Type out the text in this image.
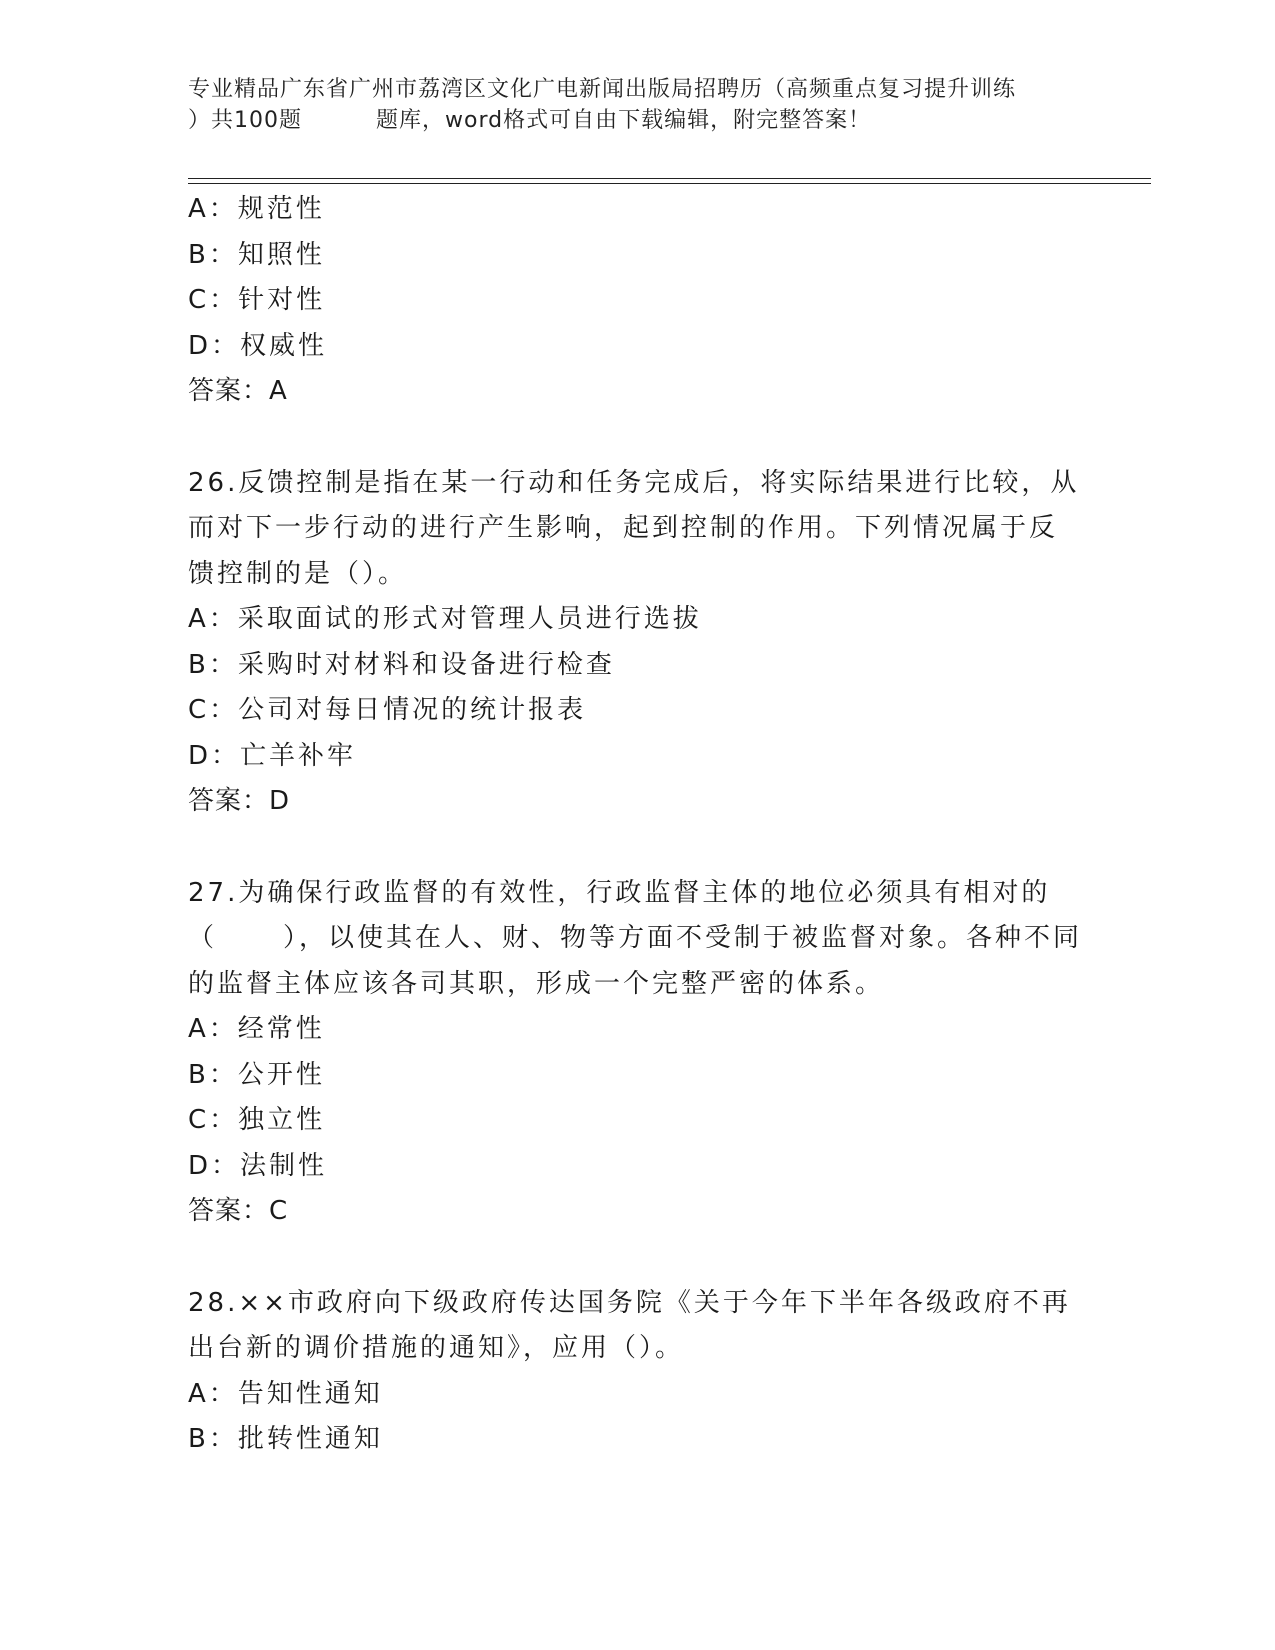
专业精品广东省广州市荔湾区文化广电新闻出版局招聘历（高频重点复习提升训练
）共100题	题库，word格式可自由下载编辑，附完整答案！
A：规范性
B：知照性
C：针对性
D：权威性
答案：A
26.反馈控制是指在某一行动和任务完成后，将实际结果进行比较，从
而对下一步行动的进行产生影响，起到控制的作用。下列情况属于反
馈控制的是（）。
A：采取面试的形式对管理人员进行选拔
B：采购时对材料和设备进行检查
C：公司对每日情况的统计报表
D：亡羊补牢
答案：D
27.为确保行政监督的有效性，行政监督主体的地位必须具有相对的
（	），以使其在人、财、物等方面不受制于被监督对象。各种不同
的监督主体应该各司其职，形成一个完整严密的体系。
A：经常性
B：公开性
C：独立性
D：法制性
答案：C
28.××市政府向下级政府传达国务院《关于今年下半年各级政府不再
出台新的调价措施的通知》，应用（）。
A：告知性通知
B：批转性通知
